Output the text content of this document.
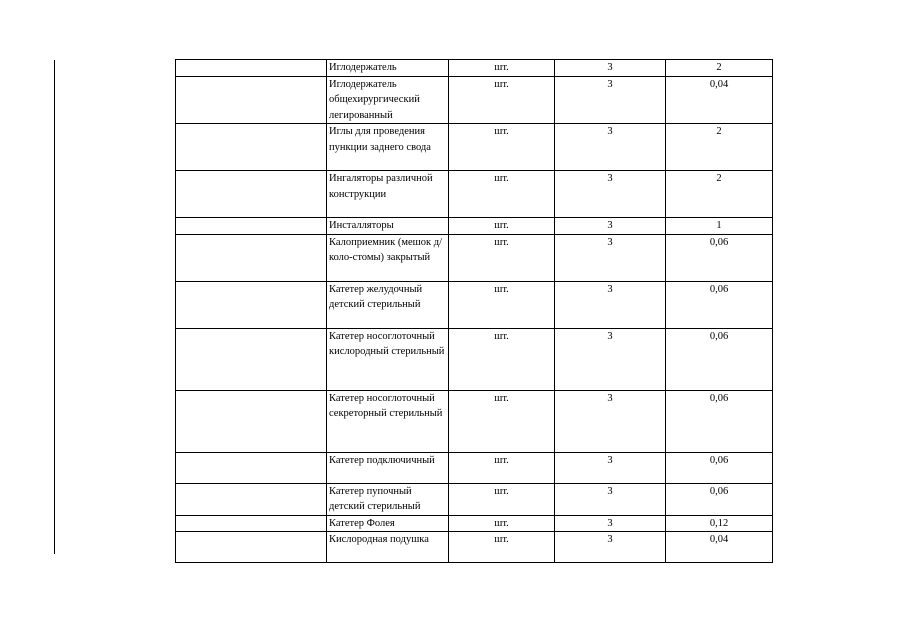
	Иглодержатель	шт.	3	2
	Иглодержатель общехирургический легированный	шт.	3	0,04
	Иглы для проведения пункции заднего свода	шт.	3	2
	Ингаляторы различной конструкции	шт.	3	2
	Инсталляторы	шт.	3	1
	Калоприемник (мешок д/коло-стомы) закрытый	шт.	3	0,06
	Катетер желудочный детский стерильный	шт.	3	0,06
	Катетер носоглоточный кислородный стерильный	шт.	3	0,06
	Катетер носоглоточный секреторный стерильный	шт.	3	0,06
	Катетер подключичный	шт.	3	0,06
	Катетер пупочный детский стерильный	шт.	3	0,06
	Катетер Фолея	шт.	3	0,12
	Кислородная подушка	шт.	3	0,04
